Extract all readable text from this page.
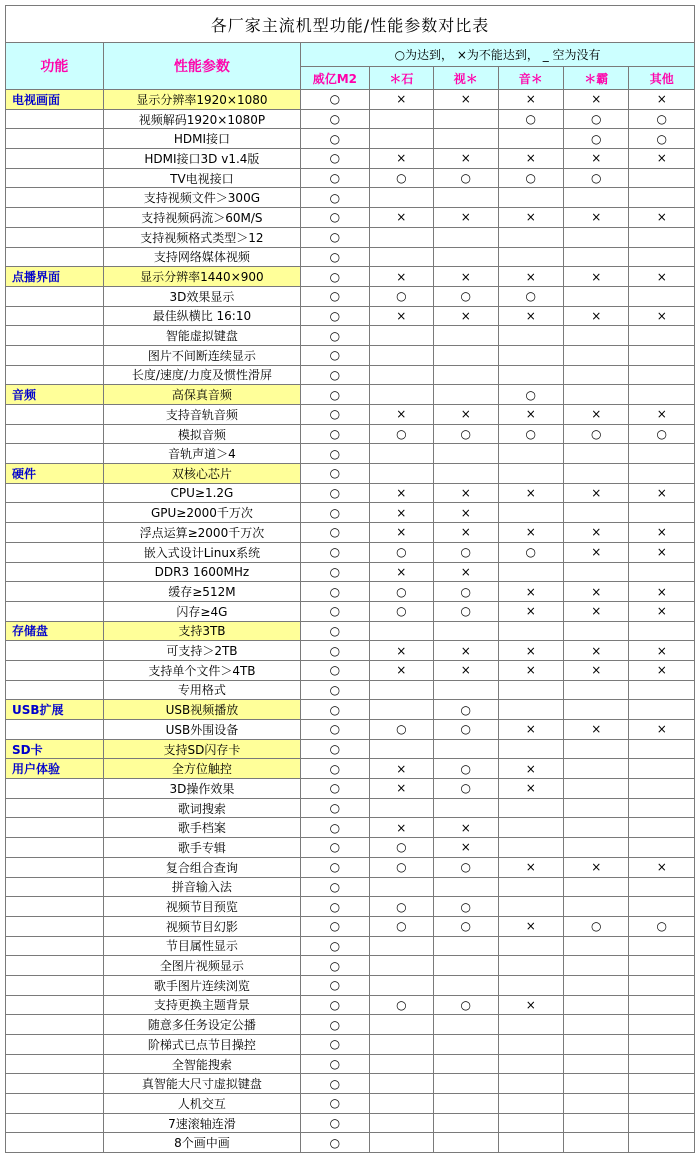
各厂家主流机型功能/性能参数对比表							
功能	性能参数	○为达到， ×为不能达到， _ 空为没有					
		威亿M2	＊石	视＊	音＊	＊霸	其他
电视画面	显示分辨率1920×1080	○	×	×	×	×	×
	视频解码1920×1080P	○			○	○	○
	HDMI接口	○				○	○
	HDMI接口3D v1.4版	○	×	×	×	×	×
	TV电视接口	○	○	○	○	○	
	支持视频文件＞300G	○					
	支持视频码流＞60M/S	○	×	×	×	×	×
	支持视频格式类型＞12	○					
	支持网络媒体视频	○					
点播界面	显示分辨率1440×900	○	×	×	×	×	×
	3D效果显示	○	○	○	○		
	最佳纵横比 16:10	○	×	×	×	×	×
	智能虚拟键盘	○					
	图片不间断连续显示	○					
	长度/速度/力度及惯性滑屏	○					
音频	高保真音频	○			○		
	支持音轨音频	○	×	×	×	×	×
	模拟音频	○	○	○	○	○	○
	音轨声道＞4	○					
硬件	双核心芯片	○					
	CPU≥1.2G	○	×	×	×	×	×
	GPU≥2000千万次	○	×	×			
	浮点运算≥2000千万次	○	×	×	×	×	×
	嵌入式设计Linux系统	○	○	○	○	×	×
	DDR3 1600MHz	○	×	×			
	缓存≥512M	○	○	○	×	×	×
	闪存≥4G	○	○	○	×	×	×
存储盘	支持3TB	○					
	可支持＞2TB	○	×	×	×	×	×
	支持单个文件＞4TB	○	×	×	×	×	×
	专用格式	○					
USB扩展	USB视频播放	○		○			
	USB外围设备	○	○	○	×	×	×
SD卡	支持SD闪存卡	○					
用户体验	全方位触控	○	×	○	×		
	3D操作效果	○	×	○	×		
	歌词搜索	○					
	歌手档案	○	×	×			
	歌手专辑	○	○	×			
	复合组合查询	○	○	○	×	×	×
	拼音输入法	○					
	视频节目预览	○	○	○			
	视频节目幻影	○	○	○	×	○	○
	节目属性显示	○					
	全图片视频显示	○					
	歌手图片连续浏览	○					
	支持更换主题背景	○	○	○	×		
	随意多任务设定公播	○					
	阶梯式已点节目操控	○					
	全智能搜索	○					
	真智能大尺寸虚拟键盘	○					
	人机交互	○					
	7速滚轴连滑	○					
	8个画中画	○					
